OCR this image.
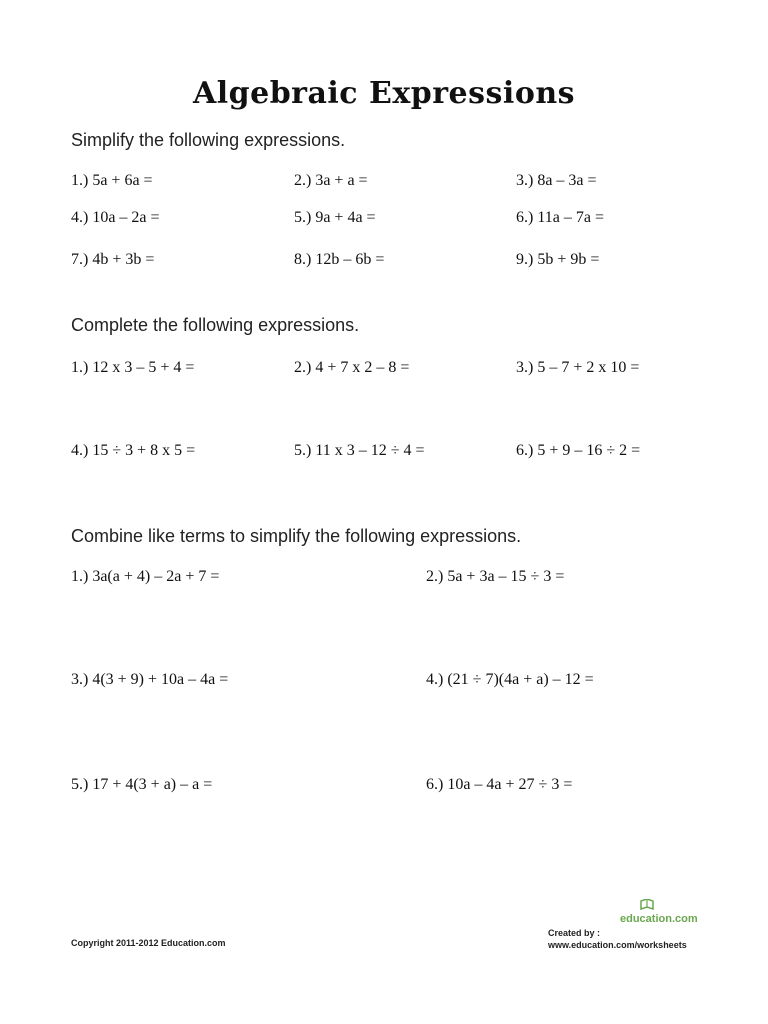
Algebraic Expressions
Simplify the following expressions.
1.) 5a + 6a =	2.) 3a + a =	3.) 8a – 3a =
4.) 10a – 2a =	5.) 9a + 4a =	6.) 11a – 7a =
7.) 4b + 3b =	8.) 12b – 6b =	9.) 5b + 9b =
Complete the following expressions.
1.) 12 x 3 – 5 + 4 =	2.) 4 + 7 x 2 – 8 =	3.) 5 – 7 + 2 x 10 =
4.) 15 ÷ 3 + 8 x 5 =	5.) 11 x 3 – 12 ÷ 4 =	6.) 5 + 9 – 16 ÷ 2 =
Combine like terms to simplify the following expressions.
1.) 3a(a + 4) – 2a + 7 =	2.) 5a + 3a – 15 ÷ 3 =
3.) 4(3 + 9) + 10a – 4a =	4.) (21 ÷ 7)(4a + a) – 12 =
5.) 17 + 4(3 + a) – a =	6.) 10a – 4a + 27 ÷ 3 =
Copyright 2011-2012 Education.com
Created by :
www.education.com/worksheets
education.com
